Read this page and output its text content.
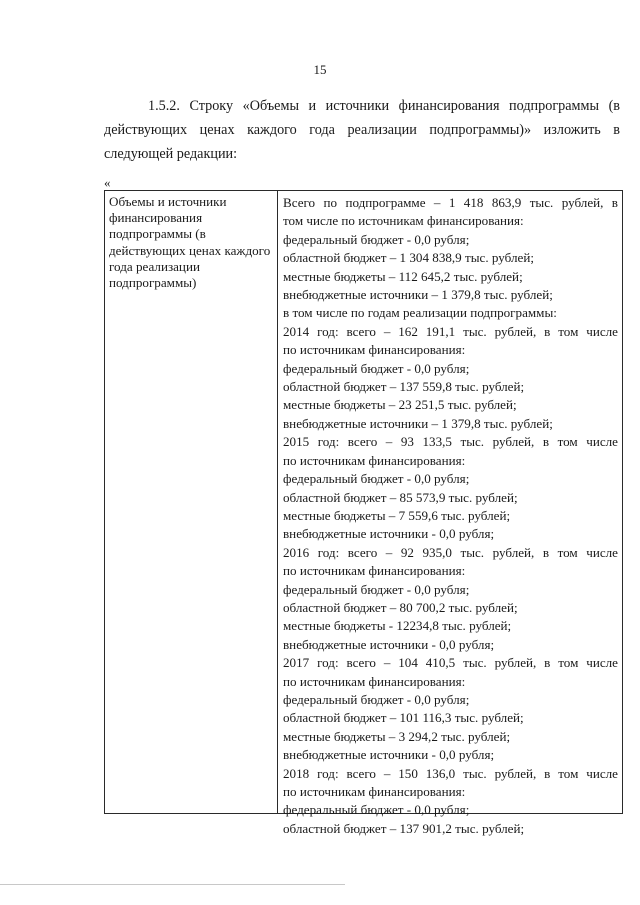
15

1.5.2. Строку «Объемы и источники финансирования подпрограммы (в действующих ценах каждого года реализации подпрограммы)» изложить в следующей редакции:

«
Объемы и источники финансирования подпрограммы (в действующих ценах каждого года реализации подпрограммы)
Всего по подпрограмме – 1 418 863,9 тыс. рублей, в
том числе по источникам финансирования:
федеральный бюджет - 0,0 рубля;
областной бюджет – 1 304 838,9 тыс. рублей;
местные бюджеты – 112 645,2 тыс. рублей;
внебюджетные источники – 1 379,8 тыс. рублей;
в том числе по годам реализации подпрограммы:
2014 год: всего – 162 191,1 тыс. рублей, в том числе
по источникам финансирования:
федеральный бюджет - 0,0 рубля;
областной бюджет – 137 559,8 тыс. рублей;
местные бюджеты – 23 251,5 тыс. рублей;
внебюджетные источники – 1 379,8 тыс. рублей;
2015 год: всего – 93 133,5 тыс. рублей, в том числе
по источникам финансирования:
федеральный бюджет - 0,0 рубля;
областной бюджет – 85 573,9 тыс. рублей;
местные бюджеты – 7 559,6 тыс. рублей;
внебюджетные источники - 0,0 рубля;
2016 год: всего – 92 935,0 тыс. рублей, в том числе
по источникам финансирования:
федеральный бюджет - 0,0 рубля;
областной бюджет – 80 700,2 тыс. рублей;
местные бюджеты - 12234,8 тыс. рублей;
внебюджетные источники - 0,0 рубля;
2017 год: всего – 104 410,5 тыс. рублей, в том числе
по источникам финансирования:
федеральный бюджет - 0,0 рубля;
областной бюджет – 101 116,3 тыс. рублей;
местные бюджеты – 3 294,2 тыс. рублей;
внебюджетные источники - 0,0 рубля;
2018 год: всего – 150 136,0 тыс. рублей, в том числе
по источникам финансирования:
федеральный бюджет - 0,0 рубля;
областной бюджет – 137 901,2 тыс. рублей;
